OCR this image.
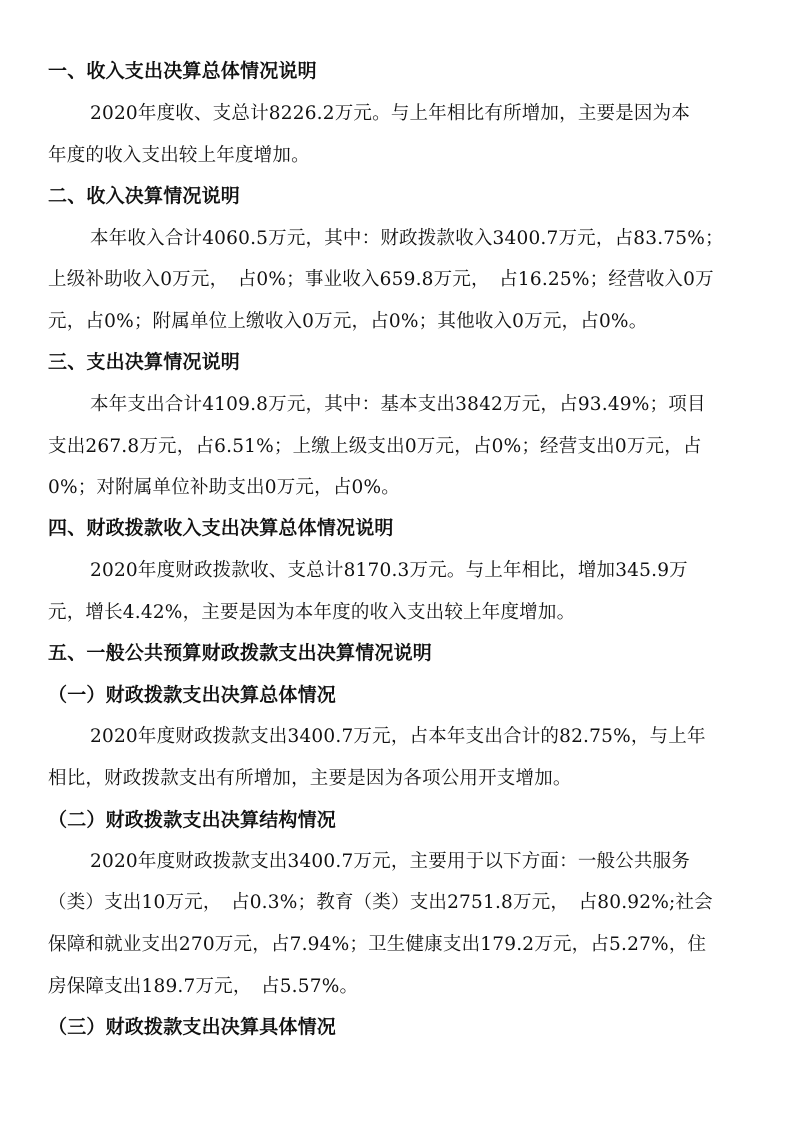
一、收入支出决算总体情况说明
2020年度收、支总计8226.2万元。与上年相比有所增加，主要是因为本
年度的收入支出较上年度增加。
二、收入决算情况说明
本年收入合计4060.5万元，其中：财政拨款收入3400.7万元，占83.75%；
上级补助收入0万元，　占0%；事业收入659.8万元，　占16.25%；经营收入0万
元，占0%；附属单位上缴收入0万元，占0%；其他收入0万元，占0%。
三、支出决算情况说明
本年支出合计4109.8万元，其中：基本支出3842万元，占93.49%；项目
支出267.8万元，占6.51%；上缴上级支出0万元，占0%；经营支出0万元，占
0%；对附属单位补助支出0万元，占0%。
四、财政拨款收入支出决算总体情况说明
2020年度财政拨款收、支总计8170.3万元。与上年相比，增加345.9万
元，增长4.42%，主要是因为本年度的收入支出较上年度增加。
五、一般公共预算财政拨款支出决算情况说明
（一）财政拨款支出决算总体情况
2020年度财政拨款支出3400.7万元，占本年支出合计的82.75%，与上年
相比，财政拨款支出有所增加，主要是因为各项公用开支增加。
（二）财政拨款支出决算结构情况
2020年度财政拨款支出3400.7万元，主要用于以下方面：一般公共服务
（类）支出10万元，　占0.3%；教育（类）支出2751.8万元，　占80.92%;社会
保障和就业支出270万元，占7.94%；卫生健康支出179.2万元，占5.27%，住
房保障支出189.7万元，　占5.57%。
（三）财政拨款支出决算具体情况
